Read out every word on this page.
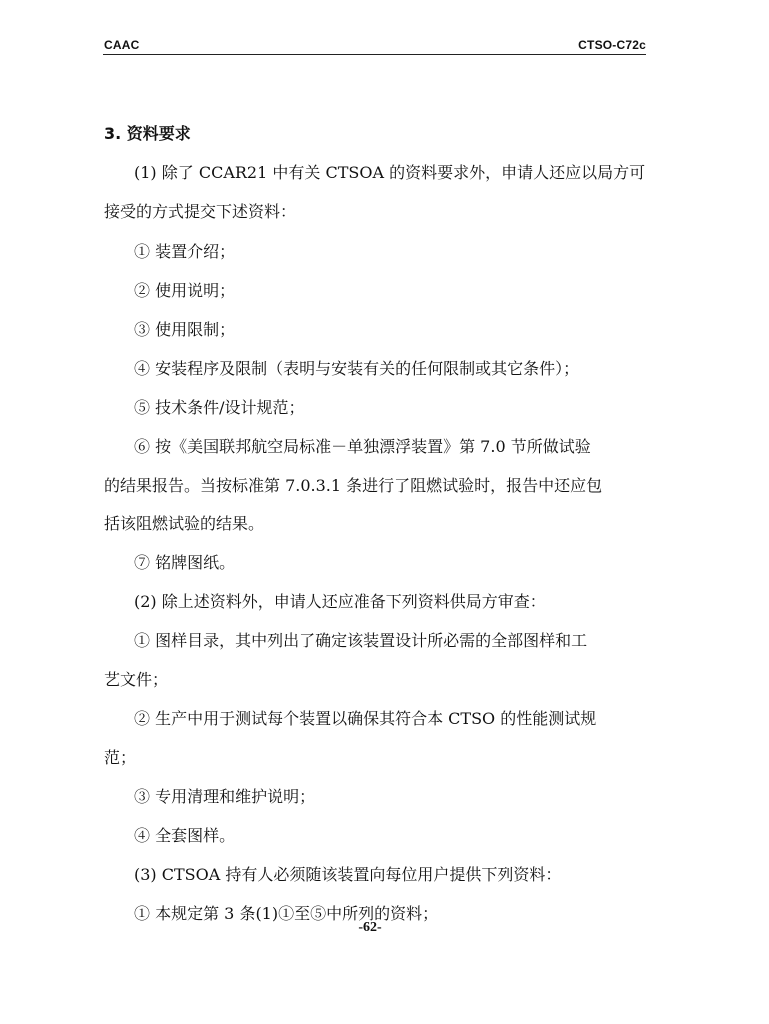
CAAC	CTSO-C72c
3. 资料要求
(1) 除了 CCAR21 中有关 CTSOA 的资料要求外，申请人还应以局方可
接受的方式提交下述资料：
① 装置介绍；
② 使用说明；
③ 使用限制；
④ 安装程序及限制（表明与安装有关的任何限制或其它条件）；
⑤ 技术条件/设计规范；
⑥ 按《美国联邦航空局标准－单独漂浮装置》第 7.0 节所做试验
的结果报告。当按标准第 7.0.3.1 条进行了阻燃试验时，报告中还应包
括该阻燃试验的结果。
⑦ 铭牌图纸。
(2) 除上述资料外，申请人还应准备下列资料供局方审查：
① 图样目录，其中列出了确定该装置设计所必需的全部图样和工
艺文件；
② 生产中用于测试每个装置以确保其符合本 CTSO 的性能测试规
范；
③ 专用清理和维护说明；
④ 全套图样。
(3) CTSOA 持有人必须随该装置向每位用户提供下列资料：
① 本规定第 3 条(1)①至⑤中所列的资料；
-62-
